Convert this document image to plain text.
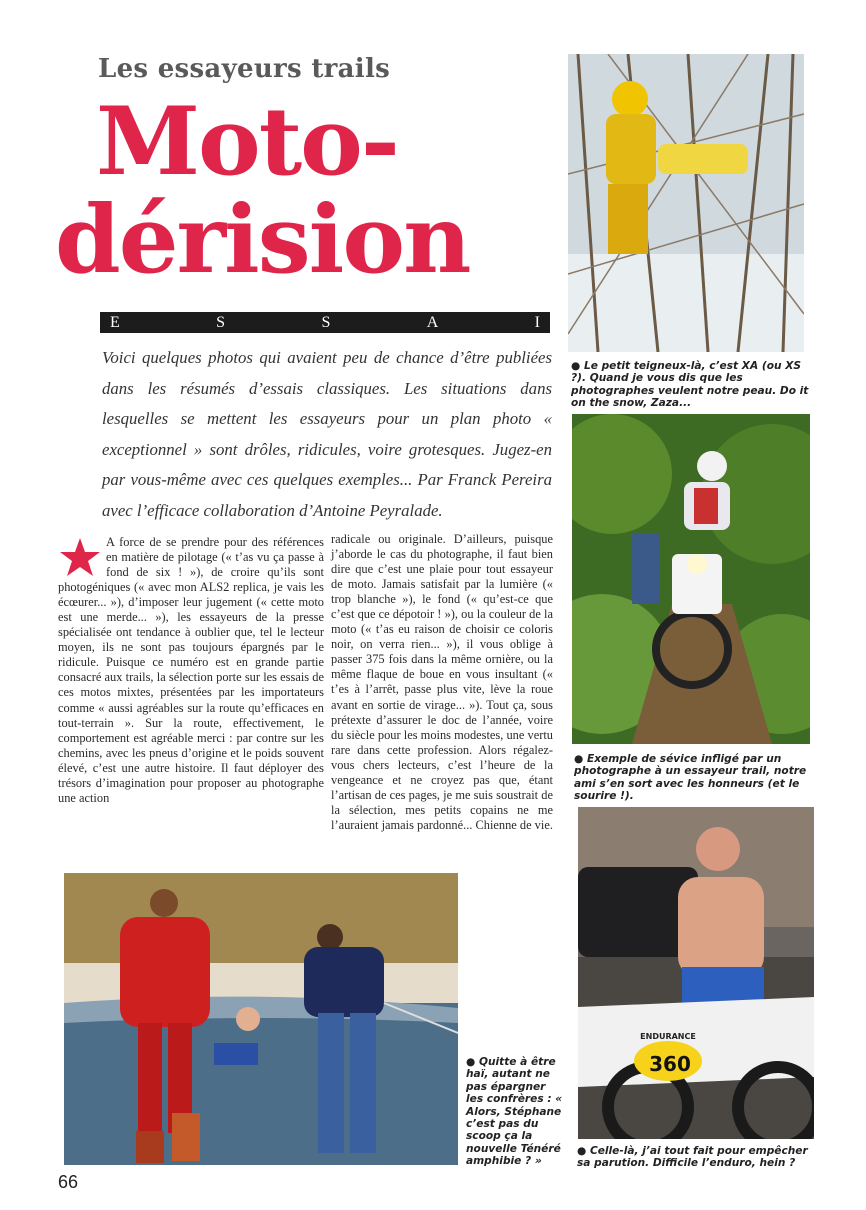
Les essayeurs trails
Moto-
dérision
E	S	S	A	I

Voici quelques photos qui avaient peu de chance d’être publiées dans les résumés d’essais classiques. Les situations dans lesquelles se mettent les essayeurs pour un plan photo « exceptionnel » sont drôles, ridicules, voire grotesques. Jugez-en par vous-même avec ces quelques exemples... Par Franck Pereira avec l’efficace collaboration d’Antoine Peyralade.

A force de se prendre pour des références en matière de pilotage (« t’as vu ça passe à fond de six ! »), de croire qu’ils sont photogéniques (« avec mon ALS2 replica, je vais les écœurer... »), d’imposer leur jugement (« cette moto est une merde... »), les essayeurs de la presse spécialisée ont tendance à oublier que, tel le lecteur moyen, ils ne sont pas toujours épargnés par le ridicule. Puisque ce numéro est en grande partie consacré aux trails, la sélection porte sur les essais de ces motos mixtes, présentées par les importateurs comme « aussi agréables sur la route qu’efficaces en tout-terrain ». Sur la route, effectivement, le comportement est agréable merci : par contre sur les chemins, avec les pneus d’origine et le poids souvent élevé, c’est une autre histoire. Il faut déployer des trésors d’imagination pour proposer au photographe une action

radicale ou originale. D’ailleurs, puisque j’aborde le cas du photographe, il faut bien dire que c’est une plaie pour tout essayeur de moto. Jamais satisfait par la lumière (« trop blanche »), le fond (« qu’est-ce que c’est que ce dépotoir ! »), ou la couleur de la moto (« t’as eu raison de choisir ce coloris noir, on verra rien... »), il vous oblige à passer 375 fois dans la même ornière, ou la même flaque de boue en vous insultant (« t’es à l’arrêt, passe plus vite, lève la roue avant en sortie de virage... »). Tout ça, sous prétexte d’assurer le doc de l’année, voire du siècle pour les moins modestes, une vertu rare dans cette profession. Alors régalez-vous chers lecteurs, c’est l’heure de la vengeance et ne croyez pas que, étant l’artisan de ces pages, je me suis soustrait de la sélection, mes petits copains ne me l’auraient jamais pardonné... Chienne de vie.

● Le petit teigneux-là, c’est XA (ou XS ?). Quand je vous dis que les photographes veulent notre peau. Do it on the snow, Zaza...

● Exemple de sévice infligé par un photographe à un essayeur trail, notre ami s’en sort avec les honneurs (et le sourire !).

● Quitte à être haï, autant ne pas épargner les confrères : « Alors, Stéphane c’est pas du scoop ça la nouvelle Ténéré amphibie ? »

ENDURANCE
360

● Celle-là, j’ai tout fait pour empêcher sa parution. Difficile l’enduro, hein ?

66
